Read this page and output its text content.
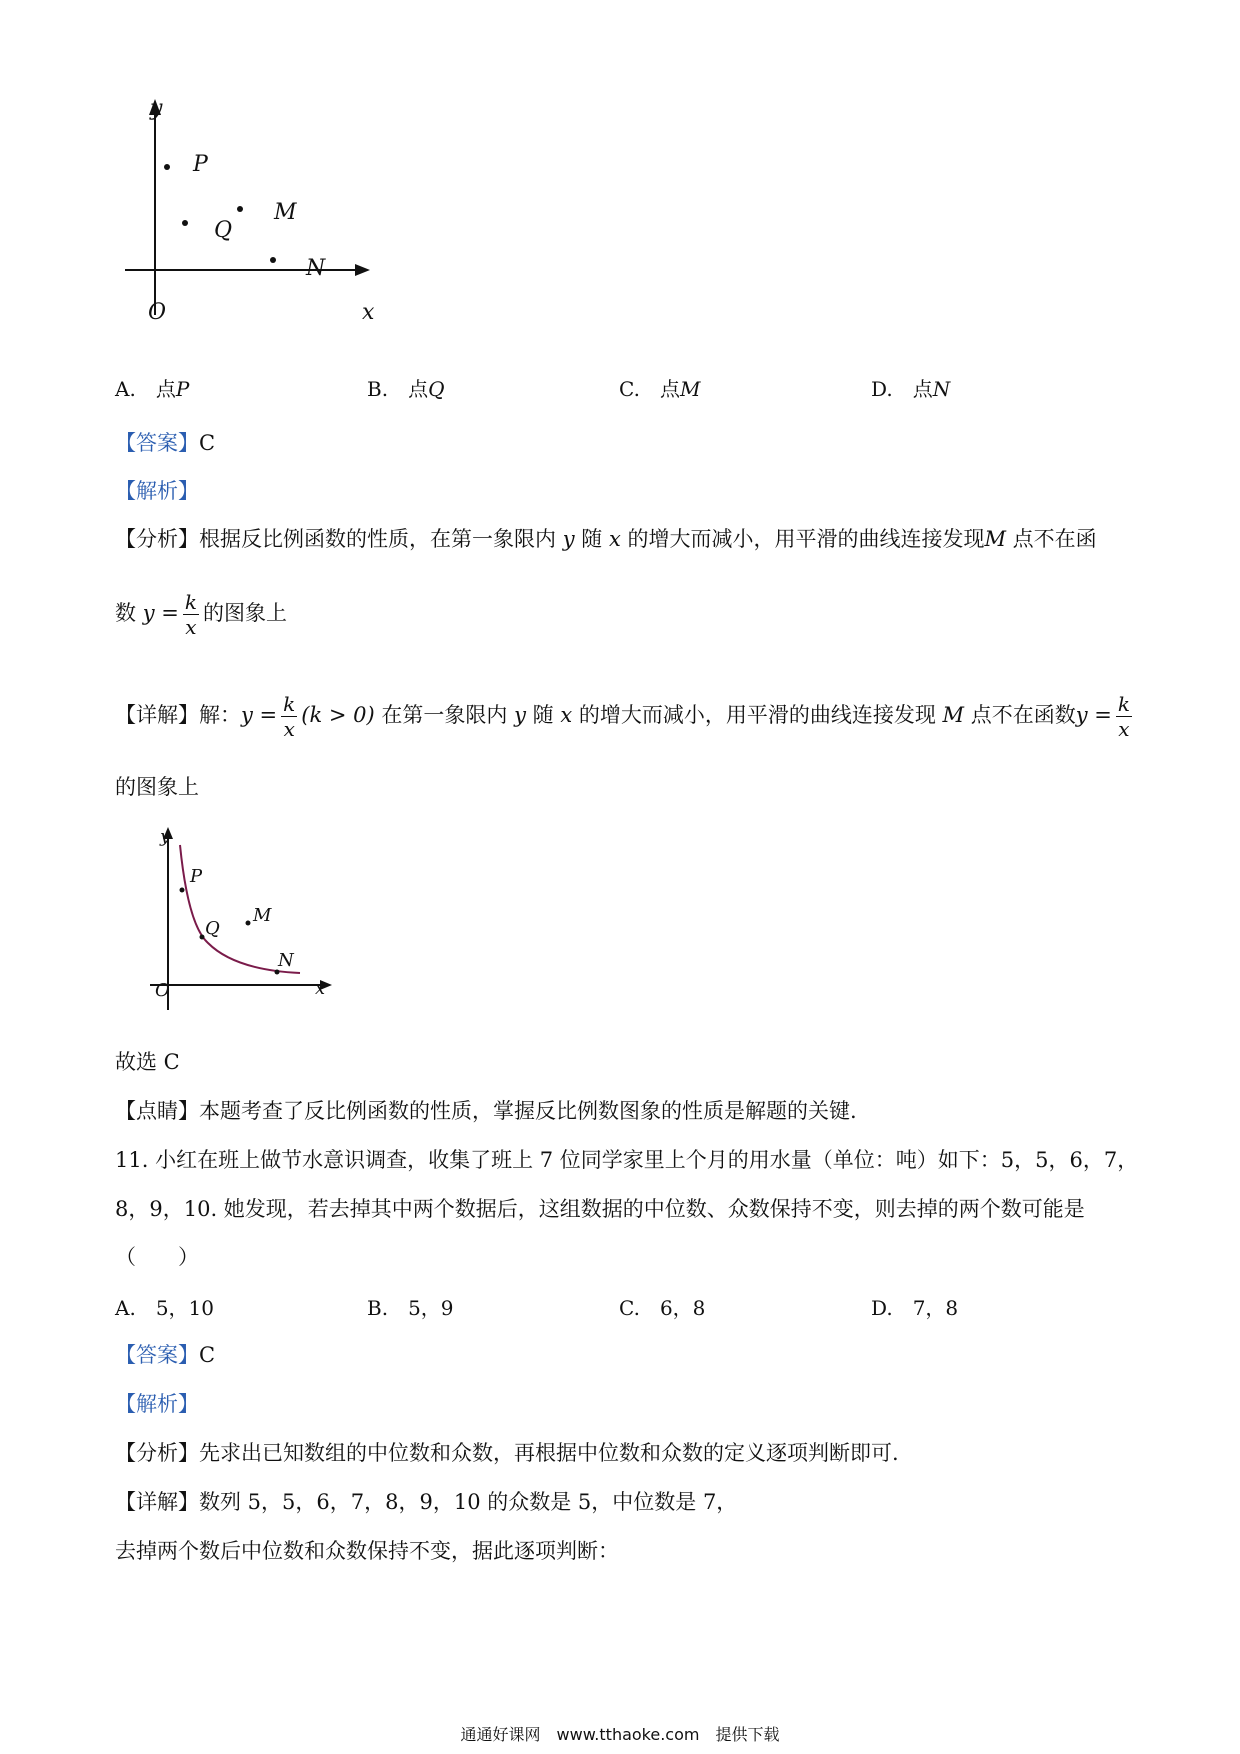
y
x
O
P
Q
M
N
A.　 点P	B.　 点Q	C.　 点M	D.　 点N
【答案】C
【解析】
【分析】根据反比例函数的性质，在第一象限内 y 随 x 的增大而减小，用平滑的曲线连接发现M 点不在函
数 $y = \frac{k}{x}$ 的图象上
【详解】解：$y = \frac{k}{x} (k > 0)$ 在第一象限内 y 随 x 的增大而减小，用平滑的曲线连接发现 M 点不在函数$y = \frac{k}{x}$
的图象上
y
x
O
P
Q
M
N
故选 C
【点睛】本题考查了反比例函数的性质，掌握反比例数图象的性质是解题的关键.
11. 小红在班上做节水意识调查，收集了班上 7 位同学家里上个月的用水量（单位：吨）如下：5，5，6，7，
8，9，10. 她发现，若去掉其中两个数据后，这组数据的中位数、众数保持不变，则去掉的两个数可能是
（　　）
A.　 5，10	B.　 5，9	C.　 6，8	D.　 7，8
【答案】C
【解析】
【分析】先求出已知数组的中位数和众数，再根据中位数和众数的定义逐项判断即可.
【详解】数列 5，5，6，7，8，9，10 的众数是 5，中位数是 7，
去掉两个数后中位数和众数保持不变，据此逐项判断：
通通好课网　www.tthaoke.com　提供下载
